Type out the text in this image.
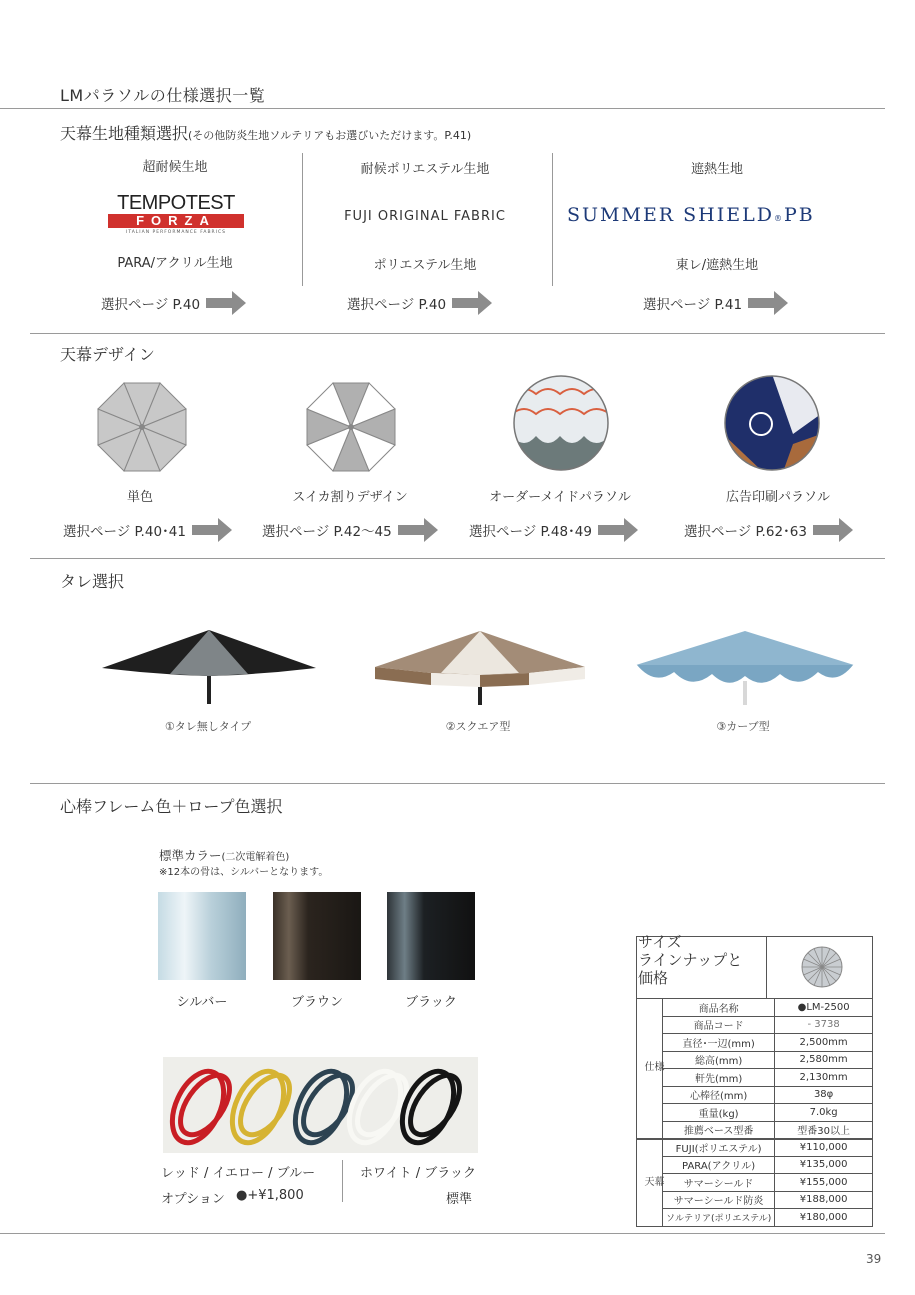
LMパラソルの仕様選択一覧
天幕生地種類選択(その他防炎生地ソルテリアもお選びいただけます。P.41)
超耐候生地
TEMPOTEST
FORZA
ITALIAN PERFORMANCE FABRICS
PARA/アクリル生地
選択ページ P.40
耐候ポリエステル生地
FUJI ORIGINAL FABRIC
ポリエステル生地
選択ページ P.40
遮熱生地
SUMMER SHIELD®PB
東レ/遮熱生地
選択ページ P.41
天幕デザイン
単色	スイカ割りデザイン	オーダーメイドパラソル	広告印刷パラソル
選択ページ P.40･41	選択ページ P.42～45	選択ページ P.48･49	選択ページ P.62･63
タレ選択
①タレ無しタイプ	②スクエア型	③カーブ型
心棒フレーム色＋ロープ色選択
標準カラー(二次電解着色)
※12本の骨は、シルバーとなります。
シルバー	ブラウン	ブラック
レッド / イエロー / ブルー
オプション ●+¥1,800
ホワイト / ブラック
標準
サイズ
ラインナップと
価格
仕様	商品名称	●LM-2500
	商品コード	- 3738
	直径･一辺(mm)	2,500mm
	総高(mm)	2,580mm
	軒先(mm)	2,130mm
	心棒径(mm)	38φ
	重量(kg)	7.0kg
	推薦ベース型番	型番30以上

天幕	FUJI(ポリエステル)	¥110,000
	PARA(アクリル)	¥135,000
	サマーシールド	¥155,000
	サマーシールド防炎	¥188,000
	ソルテリア(ポリエステル)	¥180,000
39
